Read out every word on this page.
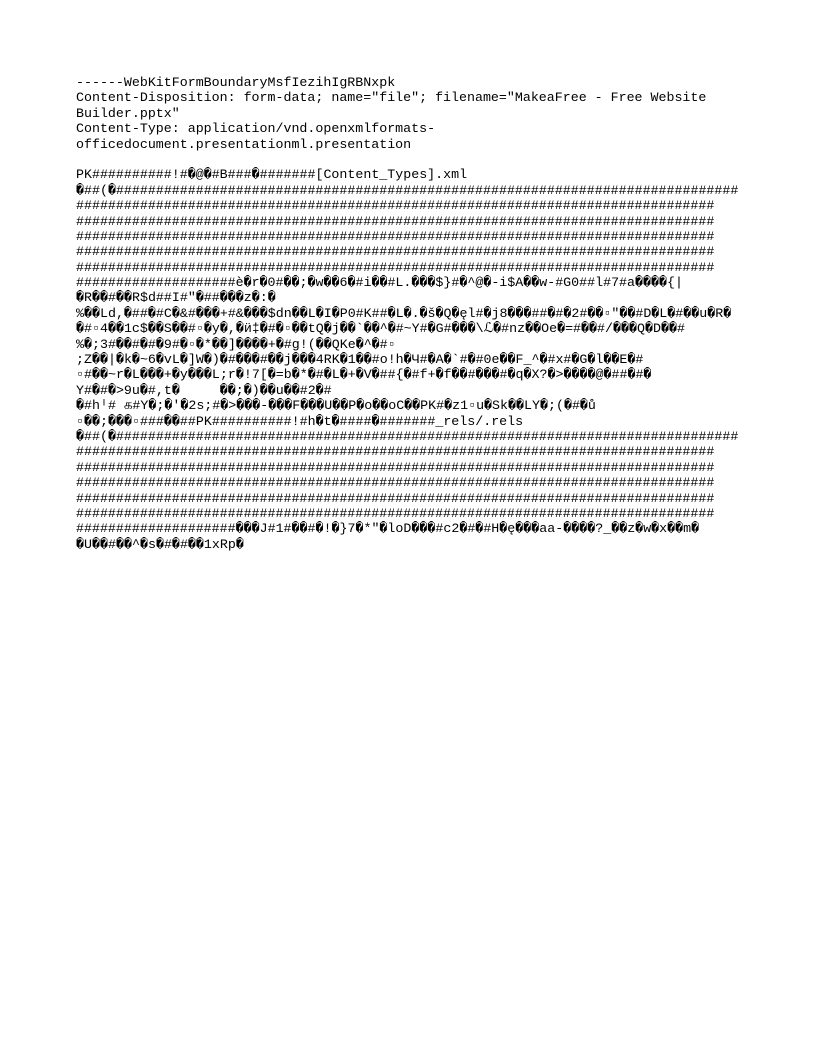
------WebKitFormBoundaryMsfIezihIgRBNxpk
Content-Disposition: form-data; name="file"; filename="MakeaFree - Free Website
Builder.pptx"
Content-Type: application/vnd.openxmlformats-
officedocument.presentationml.presentation
PK##########!#�@�#B###�#######[Content_Types].xml
�##(�##############################################################################
################################################################################
################################################################################
################################################################################
################################################################################
################################################################################
####################è�r�0#��;�w��6�#i��#L.���$}#�^@�-i$A��w-#G0##l#7#a����{|
�R��#��R$d##I#"�##���z�:�
%��Ld,�##�#C�&#���+#&���$dn��L�I�P0#K##�L�.�š�Q�ęl#�j8���##�#�2#��▫"��#D�L�#��u�R�
�#▫4��1c$��S��#▫�y�,�ӥ‡�#�▫��tQ�j��`��^�#~Y#�G#���\ℒ�#nz��Oe�=#��#/���Q�D��#
%�;3#��#�#�9#�▫�*��]����+�#g!(��QKe�^�#▫
;Z��|�k�~6�vL�]W�)�#���#��j���4RK�1��#o!h�Ч#�A�`#�#0e��F_^�#x#�G�l��E�#
▫#��~r�L���+�y���L;r�!7[�=b�*�#�L�+�V�##{�#f+�f��#���#�q�X?�>����@�##�#�
Y#�#�>9u�#,t�     ��;�)��u��#2�#
�#hᴵ# க#Y�;�'�2s;#�>���-���F���U��P�o��oC��PK#�z1▫u�Sk��LY�;(�#�ů
▫��;���▫###��##PK##########!#h�t�####�#######_rels/.rels
�##(�##############################################################################
################################################################################
################################################################################
################################################################################
################################################################################
################################################################################
####################���J#1#��#�!�}7�*"�loD���#c2�#�#H�ę���aa-����?_��z�w�x��m�
�U��#��^�s�#�#��1xRp�
